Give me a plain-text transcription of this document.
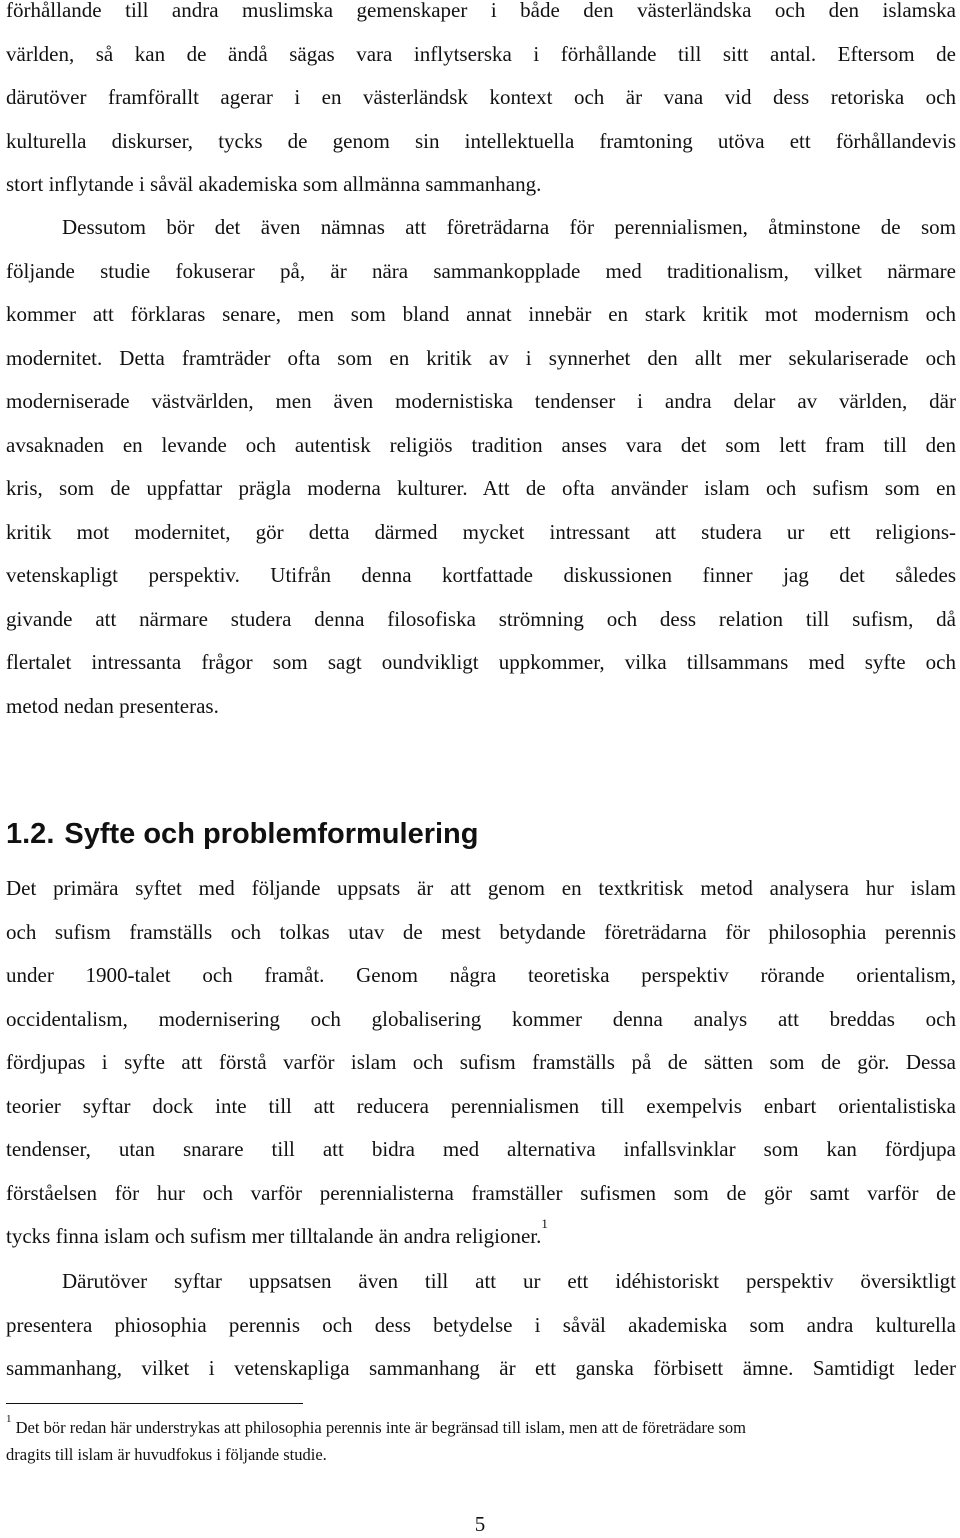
förhållande till andra muslimska gemenskaper i både den västerländska och den islamska
världen, så kan de ändå sägas vara inflytserska i förhållande till sitt antal. Eftersom de
därutöver framförallt agerar i en västerländsk kontext och är vana vid dess retoriska och
kulturella diskurser, tycks de genom sin intellektuella framtoning utöva ett förhållandevis
stort inflytande i såväl akademiska som allmänna sammanhang.
Dessutom bör det även nämnas att företrädarna för perennialismen, åtminstone de som
följande studie fokuserar på, är nära sammankopplade med traditionalism, vilket närmare
kommer att förklaras senare, men som bland annat innebär en stark kritik mot modernism och
modernitet. Detta framträder ofta som en kritik av i synnerhet den allt mer sekulariserade och
moderniserade västvärlden, men även modernistiska tendenser i andra delar av världen, där
avsaknaden en levande och autentisk religiös tradition anses vara det som lett fram till den
kris, som de uppfattar prägla moderna kulturer. Att de ofta använder islam och sufism som en
kritik mot modernitet, gör detta därmed mycket intressant att studera ur ett religions-
vetenskapligt perspektiv. Utifrån denna kortfattade diskussionen finner jag det således
givande att närmare studera denna filosofiska strömning och dess relation till sufism, då
flertalet intressanta frågor som sagt oundvikligt uppkommer, vilka tillsammans med syfte och
metod nedan presenteras.
1.2. Syfte och problemformulering
Det primära syftet med följande uppsats är att genom en textkritisk metod analysera hur islam
och sufism framställs och tolkas utav de mest betydande företrädarna för philosophia perennis
under 1900-talet och framåt. Genom några teoretiska perspektiv rörande orientalism,
occidentalism, modernisering och globalisering kommer denna analys att breddas och
fördjupas i syfte att förstå varför islam och sufism framställs på de sätten som de gör. Dessa
teorier syftar dock inte till att reducera perennialismen till exempelvis enbart orientalistiska
tendenser, utan snarare till att bidra med alternativa infallsvinklar som kan fördjupa
förståelsen för hur och varför perennialisterna framställer sufismen som de gör samt varför de
tycks finna islam och sufism mer tilltalande än andra religioner.$^1$
Därutöver syftar uppsatsen även till att ur ett idéhistoriskt perspektiv översiktligt
presentera phiosophia perennis och dess betydelse i såväl akademiska som andra kulturella
sammanhang, vilket i vetenskapliga sammanhang är ett ganska förbisett ämne. Samtidigt leder
$^1$ Det bör redan här understrykas att philosophia perennis inte är begränsad till islam, men att de företrädare som
dragits till islam är huvudfokus i följande studie.
5
